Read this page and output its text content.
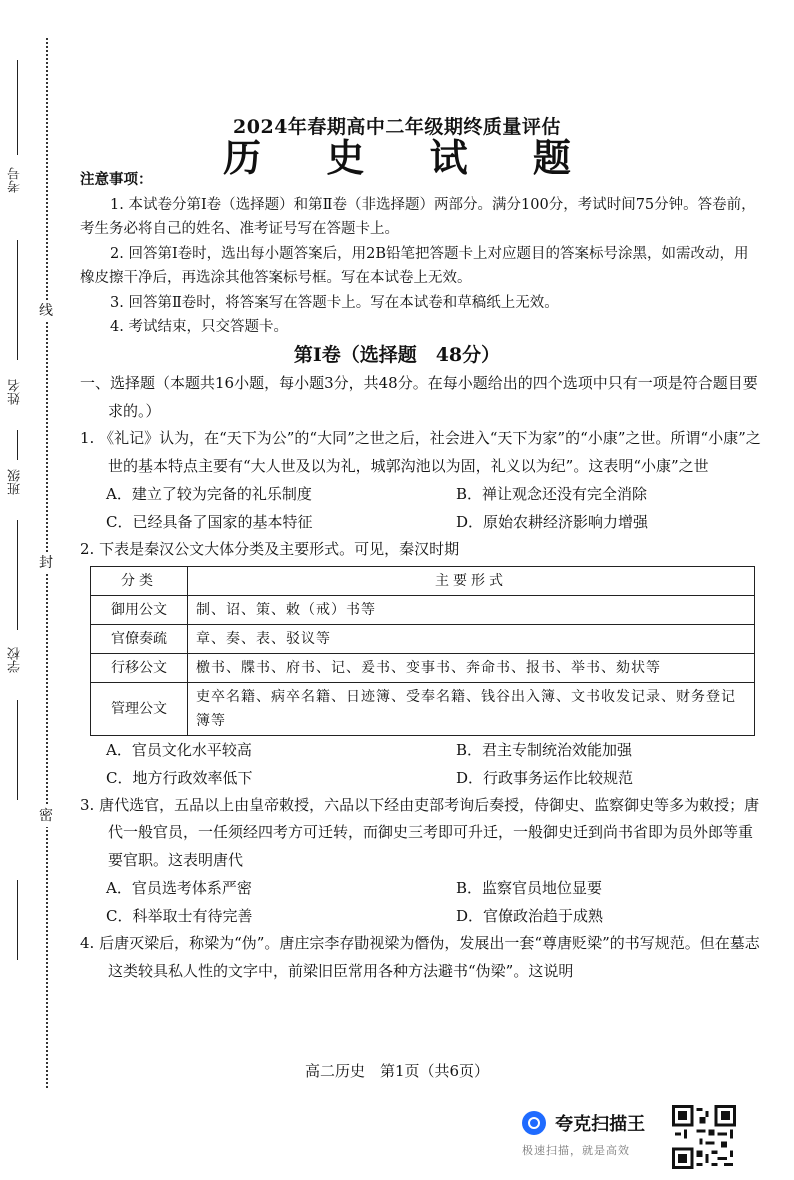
线
封
密
考号
姓名
班级
学校
2024年春期高中二年级期终质量评估
历 史 试 题
注意事项：

1. 本试卷分第Ⅰ卷（选择题）和第Ⅱ卷（非选择题）两部分。满分100分，考试时间75分钟。答卷前，考生务必将自己的姓名、准考证号写在答题卡上。

2. 回答第Ⅰ卷时，选出每小题答案后，用2B铅笔把答题卡上对应题目的答案标号涂黑，如需改动，用橡皮擦干净后，再选涂其他答案标号框。写在本试卷上无效。

3. 回答第Ⅱ卷时，将答案写在答题卡上。写在本试卷和草稿纸上无效。

4. 考试结束，只交答题卡。

第Ⅰ卷（选择题　48分）

一、选择题（本题共16小题，每小题3分，共48分。在每小题给出的四个选项中只有一项是符合题目要求的。）

1. 《礼记》认为，在“天下为公”的“大同”之世之后，社会进入“天下为家”的“小康”之世。所谓“小康”之世的基本特点主要有“大人世及以为礼，城郭沟池以为固，礼义以为纪”。这表明“小康”之世

A．建立了较为完备的礼乐制度	B．禅让观念还没有完全消除
C．已经具备了国家的基本特征	D．原始农耕经济影响力增强

2. 下表是秦汉公文大体分类及主要形式。可见，秦汉时期

分类	主要形式
御用公文	制、诏、策、敕（戒）书等
官僚奏疏	章、奏、表、驳议等
行移公文	檄书、牒书、府书、记、爰书、变事书、奔命书、报书、举书、劾状等
管理公文	吏卒名籍、病卒名籍、日迹簿、受奉名籍、钱谷出入簿、文书收发记录、财务登记簿等
A．官员文化水平较高	B．君主专制统治效能加强
C．地方行政效率低下	D．行政事务运作比较规范

3. 唐代选官，五品以上由皇帝敕授，六品以下经由吏部考询后奏授，侍御史、监察御史等多为敕授；唐代一般官员，一任须经四考方可迁转，而御史三考即可升迁，一般御史迁到尚书省即为员外郎等重要官职。这表明唐代

A．官员选考体系严密	B．监察官员地位显要
C．科举取士有待完善	D．官僚政治趋于成熟

4. 后唐灭梁后，称梁为“伪”。唐庄宗李存勖视梁为僭伪，发展出一套“尊唐贬梁”的书写规范。但在墓志这类较具私人性的文字中，前梁旧臣常用各种方法避书“伪梁”。这说明

高二历史　第1页（共6页）
夸克扫描王
极速扫描，就是高效
